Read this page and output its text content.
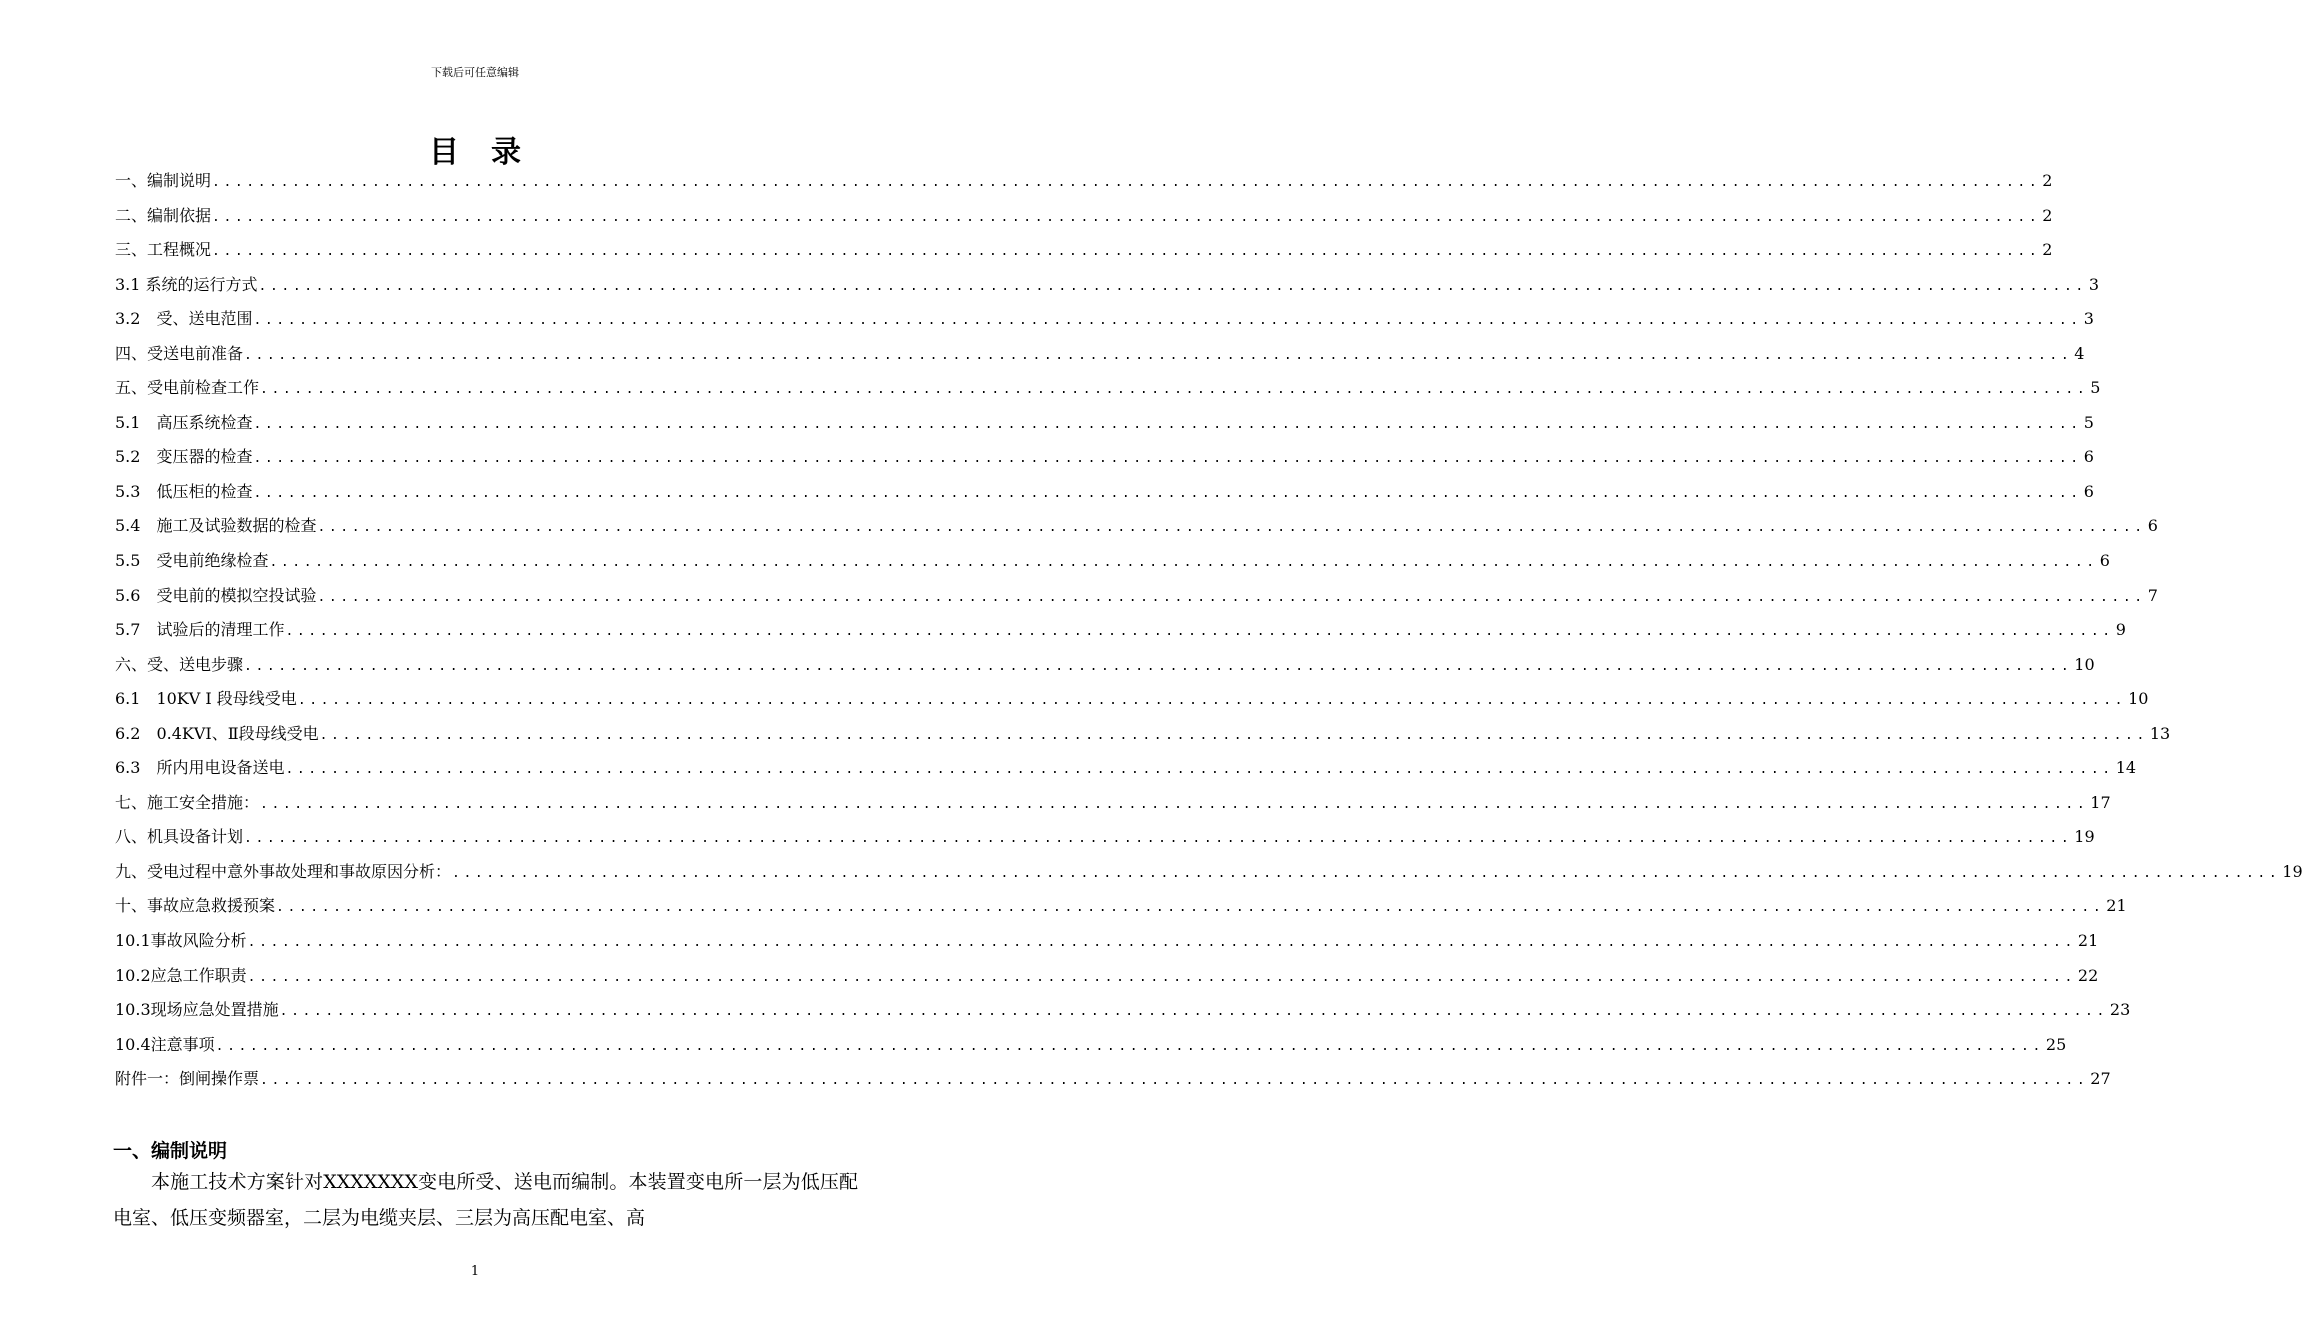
下载后可任意编辑
目录
一、编制说明 ................................................................................................................................................................ 2
二、编制依据 ................................................................................................................................................................ 2
三、工程概况 ................................................................................................................................................................ 2
3.1 系统的运行方式 ................................................................................................................................................................ 3
3.2　受、送电范围 ................................................................................................................................................................ 3
四、受送电前准备 ................................................................................................................................................................ 4
五、受电前检查工作 ................................................................................................................................................................ 5
5.1　高压系统检查 ................................................................................................................................................................ 5
5.2　变压器的检查 ................................................................................................................................................................ 6
5.3　低压柜的检查 ................................................................................................................................................................ 6
5.4　施工及试验数据的检查 ................................................................................................................................................................ 6
5.5　受电前绝缘检查 ................................................................................................................................................................ 6
5.6　受电前的模拟空投试验 ................................................................................................................................................................ 7
5.7　试验后的清理工作 ................................................................................................................................................................ 9
六、受、送电步骤 ................................................................................................................................................................ 10
6.1　10KV I 段母线受电 ................................................................................................................................................................ 10
6.2　0.4KVⅠ、Ⅱ段母线受电 ................................................................................................................................................................ 13
6.3　所内用电设备送电 ................................................................................................................................................................ 14
七、施工安全措施： ................................................................................................................................................................ 17
八、机具设备计划 ................................................................................................................................................................ 19
九、受电过程中意外事故处理和事故原因分析： ................................................................................................................................................................ 19
十、事故应急救援预案 ................................................................................................................................................................ 21
10.1事故风险分析 ................................................................................................................................................................ 21
10.2应急工作职责 ................................................................................................................................................................ 22
10.3现场应急处置措施 ................................................................................................................................................................ 23
10.4注意事项 ................................................................................................................................................................ 25
附件一：倒闸操作票 ................................................................................................................................................................ 27
一、编制说明
本施工技术方案针对XXXXXXX变电所受、送电而编制。本装置变电所一层为低压配电室、低压变频器室，二层为电缆夹层、三层为高压配电室、高
1
